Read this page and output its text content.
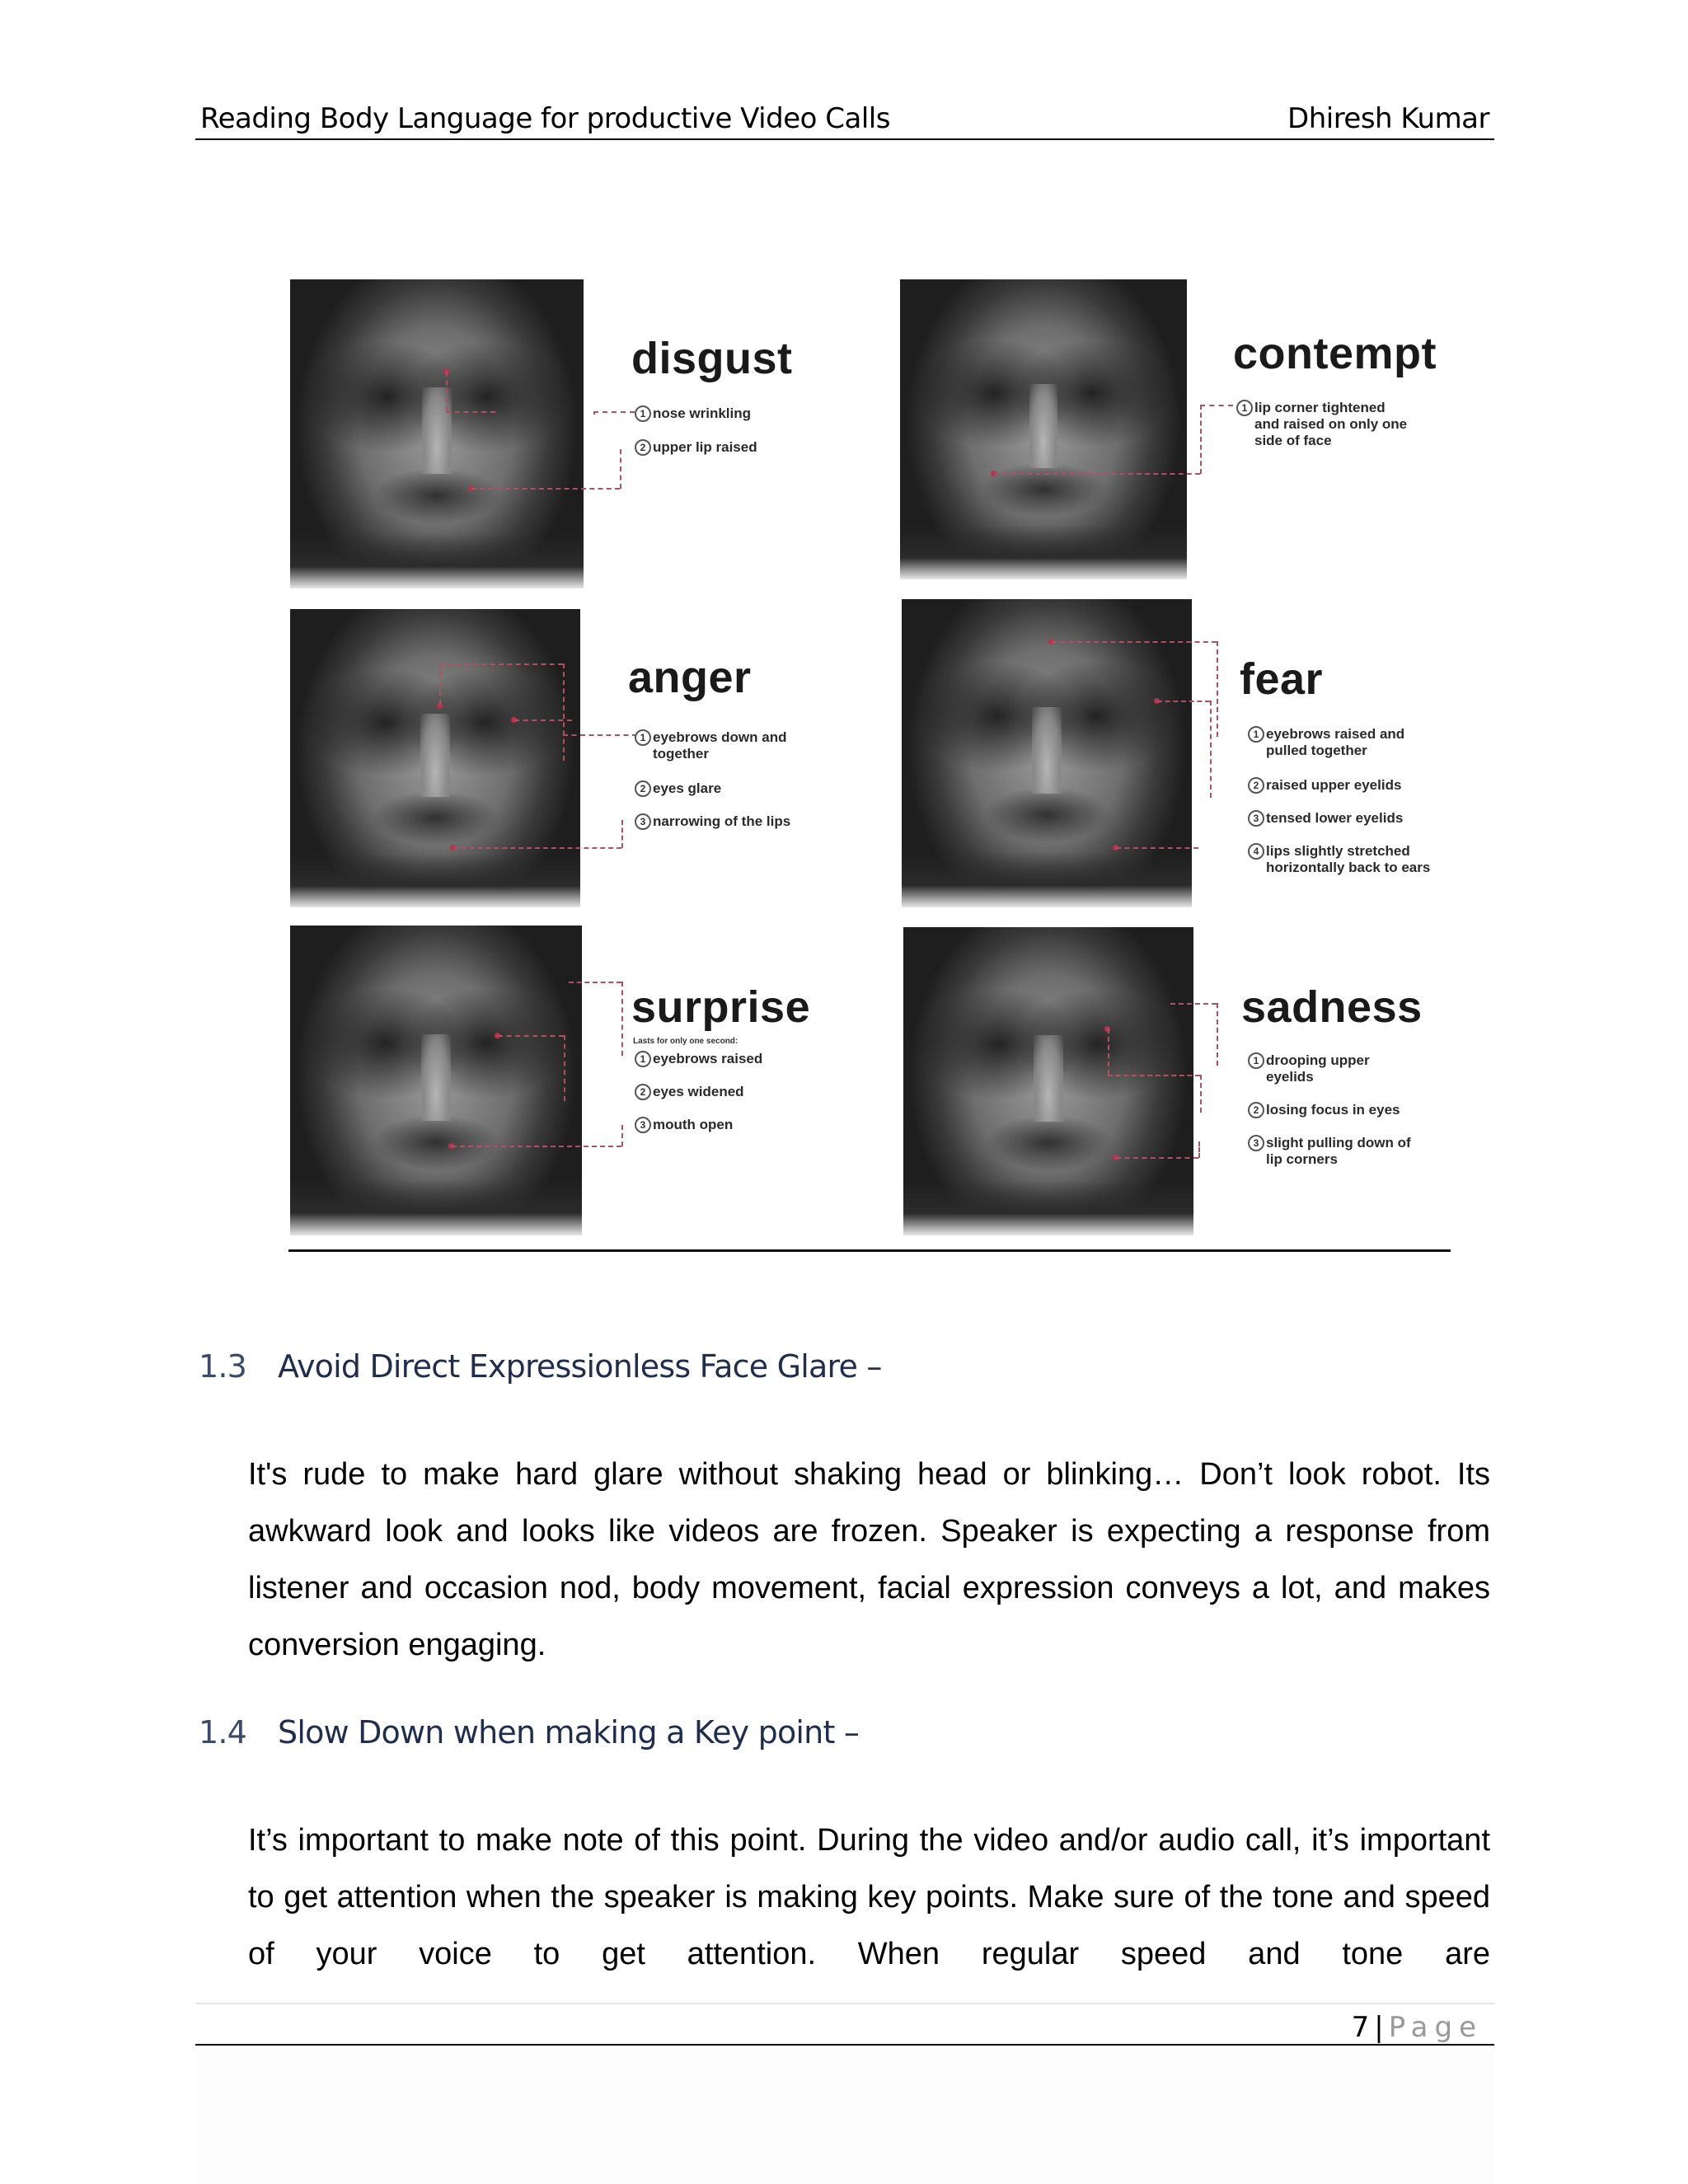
Reading Body Language for productive Video Calls	Dhiresh Kumar
disgust
1 nose wrinkling
2 upper lip raised
contempt
1 lip corner tightened and raised on only one side of face
anger
1 eyebrows down and together
2 eyes glare
3 narrowing of the lips
fear
1 eyebrows raised and pulled together
2 raised upper eyelids
3 tensed lower eyelids
4 lips slightly stretched horizontally back to ears
surprise
Lasts for only one second:
1 eyebrows raised
2 eyes widened
3 mouth open
sadness
1 drooping upper eyelids
2 losing focus in eyes
3 slight pulling down of lip corners
1.3 Avoid Direct Expressionless Face Glare –
It's rude to make hard glare without shaking head or blinking… Don’t look robot. Its awkward look and looks like videos are frozen. Speaker is expecting a response from listener and occasion nod, body movement, facial expression conveys a lot, and makes conversion engaging.
1.4 Slow Down when making a Key point –
It’s important to make note of this point. During the video and/or audio call, it’s important to get attention when the speaker is making key points. Make sure of the tone and speed of your voice to get attention. When regular speed and tone are
7 | Page
